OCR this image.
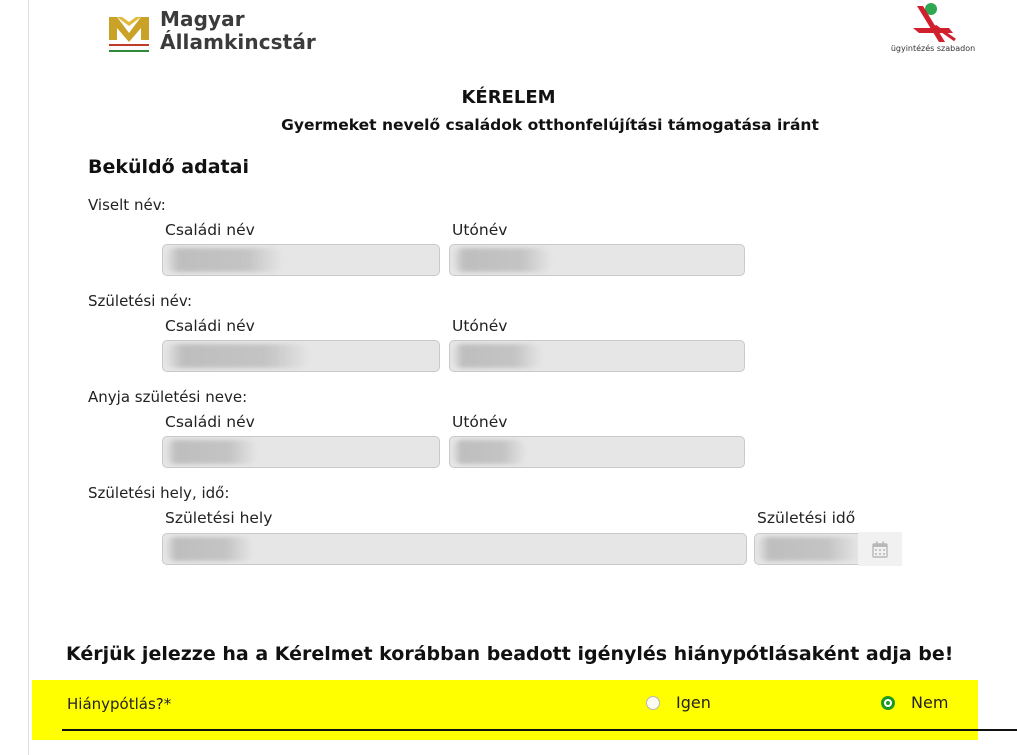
Magyar
Államkincstár	ügyintézés szabadon
KÉRELEM
Gyermeket nevelő családok otthonfelújítási támogatása iránt
Beküldő adatai
Viselt név:
Családi név	Utónév
Születési név:
Családi név	Utónév
Anyja születési neve:
Családi név	Utónév
Születési hely, idő:
Születési hely	Születési idő
Kérjük jelezze ha a Kérelmet korábban beadott igénylés hiánypótlásaként adja be!
Hiánypótlás?*	Igen	Nem
